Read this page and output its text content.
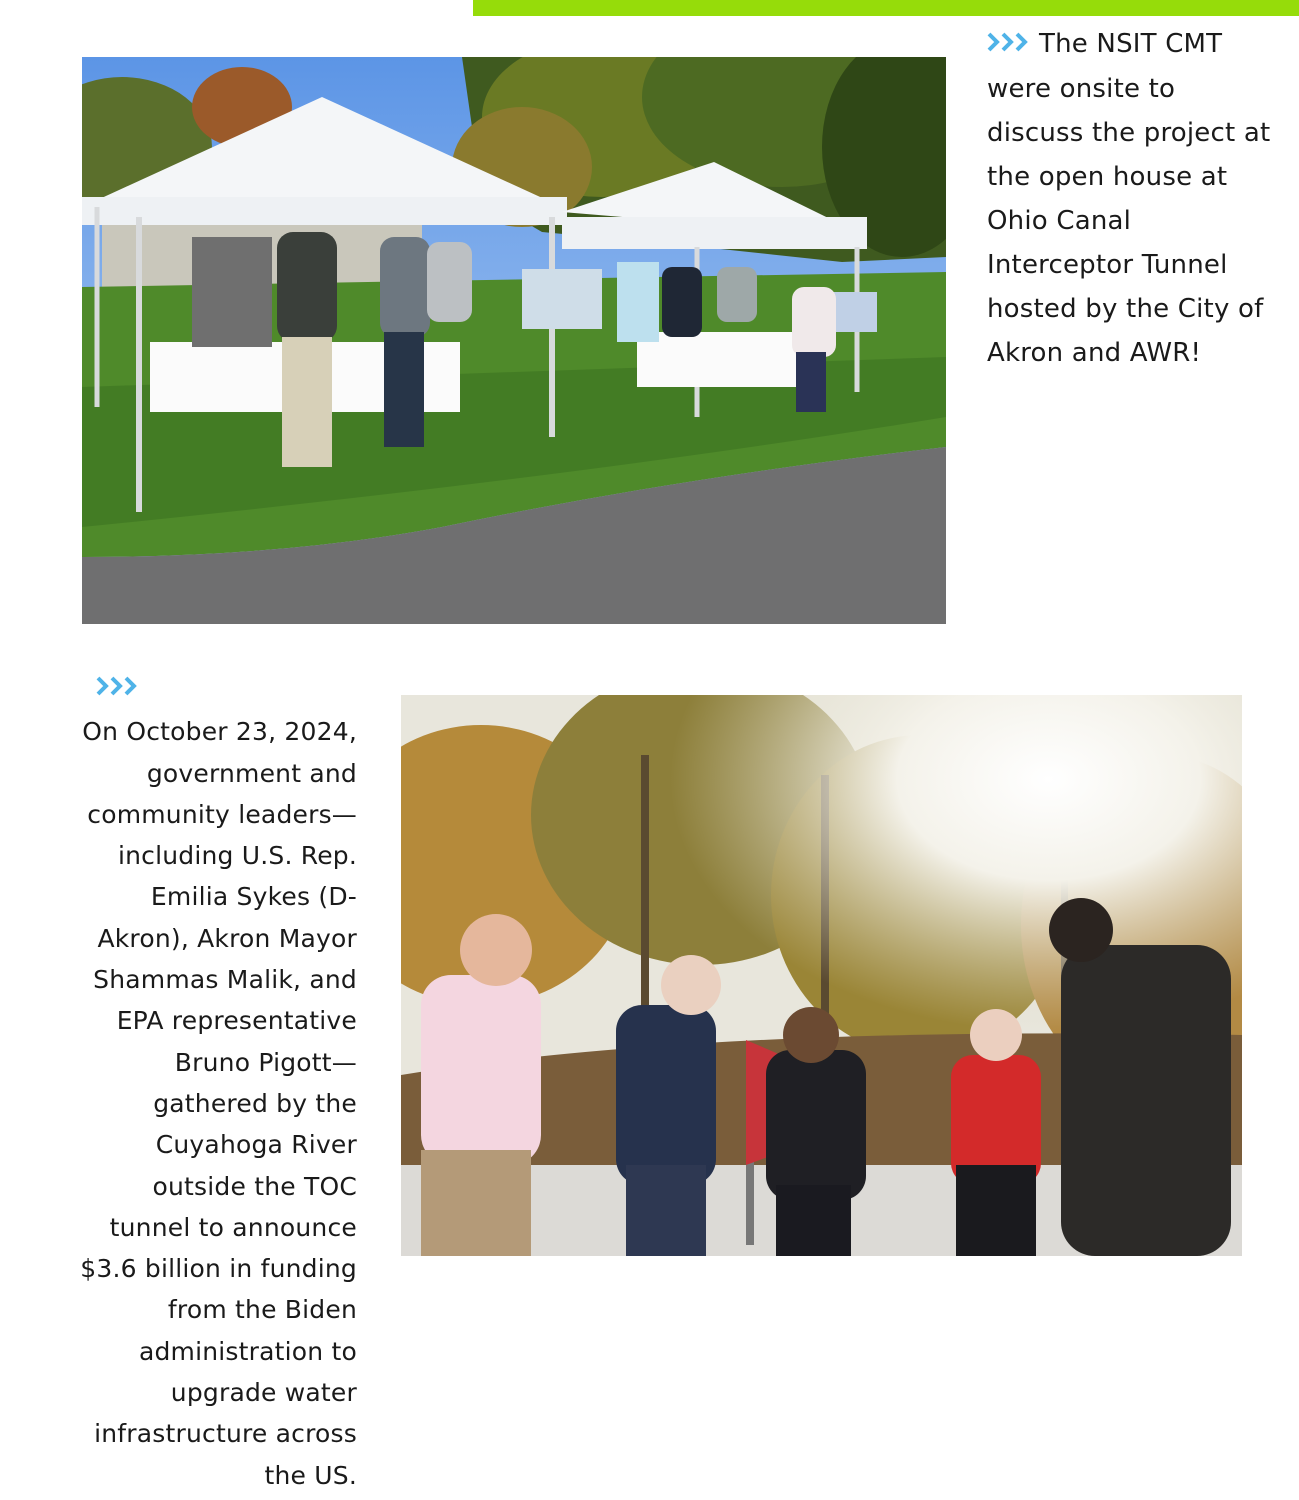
The NSIT CMT were onsite to discuss the project at the open house at Ohio Canal Interceptor Tunnel hosted by the City of Akron and AWR!
On October 23, 2024, government and community leaders—including U.S. Rep. Emilia Sykes (D-Akron), Akron Mayor Shammas Malik, and EPA representative Bruno Pigott—gathered by the Cuyahoga River outside the TOC tunnel to announce $3.6 billion in funding from the Biden administration to upgrade water infrastructure across the US.
